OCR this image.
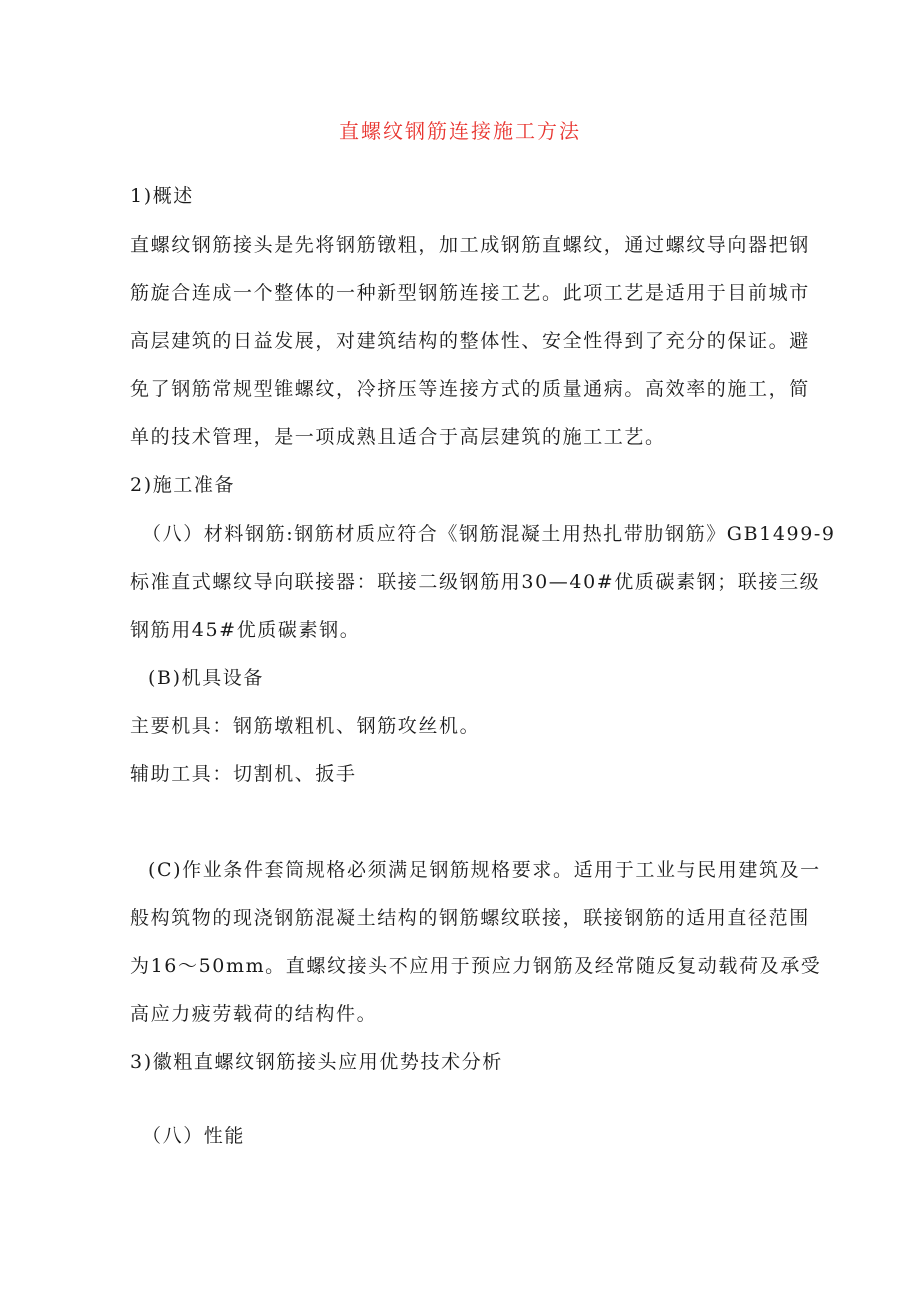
直螺纹钢筋连接施工方法
1)概述
直螺纹钢筋接头是先将钢筋镦粗，加工成钢筋直螺纹，通过螺纹导向器把钢
筋旋合连成一个整体的一种新型钢筋连接工艺。此项工艺是适用于目前城市
高层建筑的日益发展，对建筑结构的整体性、安全性得到了充分的保证。避
免了钢筋常规型锥螺纹，冷挤压等连接方式的质量通病。高效率的施工，简
单的技术管理，是一项成熟且适合于高层建筑的施工工艺。
2)施工准备
（八）材料钢筋:钢筋材质应符合《钢筋混凝土用热扎带肋钢筋》GB1499-9
标准直式螺纹导向联接器：联接二级钢筋用30—40#优质碳素钢；联接三级
钢筋用45#优质碳素钢。
(B)机具设备
主要机具：钢筋墩粗机、钢筋攻丝机。
辅助工具：切割机、扳手
(C)作业条件套筒规格必须满足钢筋规格要求。适用于工业与民用建筑及一
般构筑物的现浇钢筋混凝土结构的钢筋螺纹联接，联接钢筋的适用直径范围
为16～50mm。直螺纹接头不应用于预应力钢筋及经常随反复动载荷及承受
高应力疲劳载荷的结构件。
3)徽粗直螺纹钢筋接头应用优势技术分析
（八）性能
